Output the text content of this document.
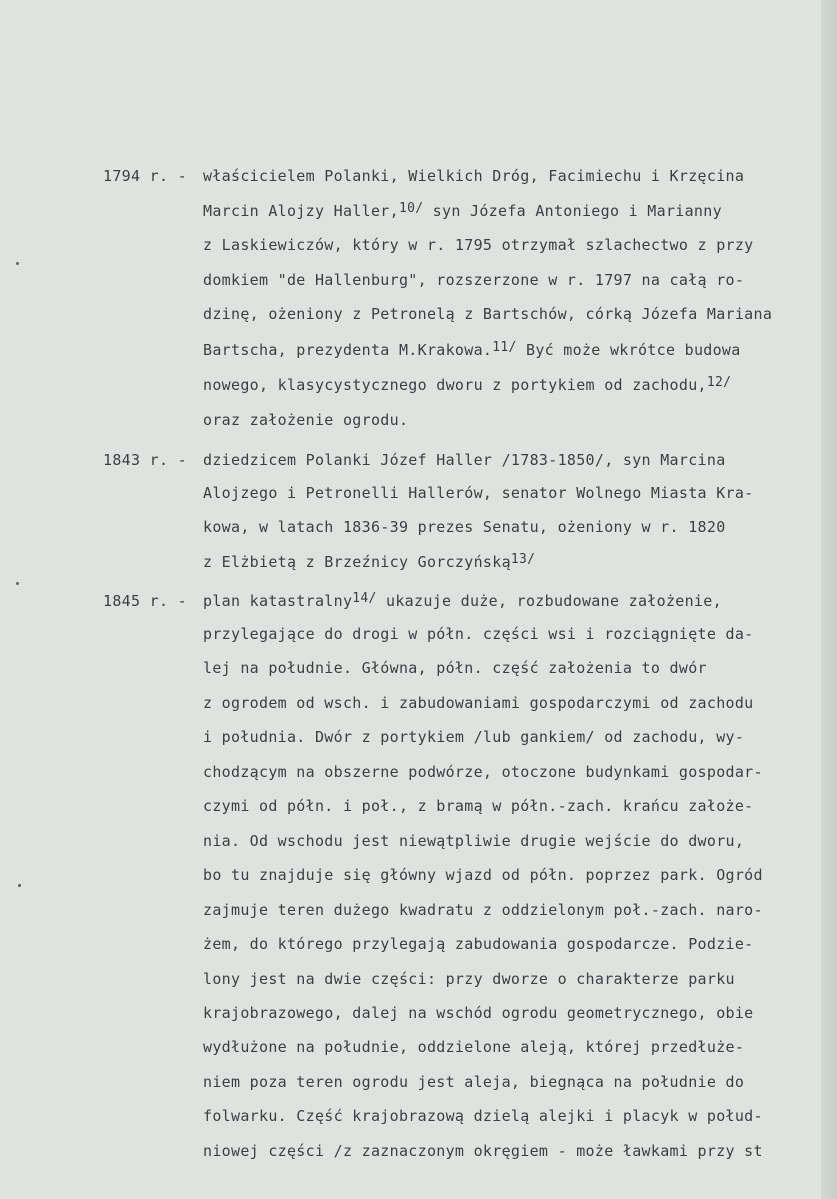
1794 r. - właścicielem Polanki, Wielkich Dróg, Facimiechu i Krzęcina
Marcin Alojzy Haller,$^{10/}$ syn Józefa Antoniego i Marianny
z Laskiewiczów, który w r. 1795 otrzymał szlachectwo z przy
domkiem "de Hallenburg", rozszerzone w r. 1797 na całą ro-
dzinę, ożeniony z Petronelą z Bartschów, córką Józefa Mariana
Bartscha, prezydenta M.Krakowa.$^{11/}$ Być może wkrótce budowa
nowego, klasycystycznego dworu z portykiem od zachodu,$^{12/}$
oraz założenie ogrodu.
1843 r. - dziedzicem Polanki Józef Haller /1783-1850/, syn Marcina
Alojzego i Petronelli Hallerów, senator Wolnego Miasta Kra-
kowa, w latach 1836-39 prezes Senatu, ożeniony w r. 1820
z Elżbietą z Brzeźnicy Gorczyńską$^{13/}$
1845 r. - plan katastralny$^{14/}$ ukazuje duże, rozbudowane założenie,
przylegające do drogi w półn. części wsi i rozciągnięte da-
lej na południe. Główna, półn. część założenia to dwór
z ogrodem od wsch. i zabudowaniami gospodarczymi od zachodu
i południa. Dwór z portykiem /lub gankiem/ od zachodu, wy-
chodzącym na obszerne podwórze, otoczone budynkami gospodar-
czymi od półn. i poł., z bramą w półn.-zach. krańcu założe-
nia. Od wschodu jest niewątpliwie drugie wejście do dworu,
bo tu znajduje się główny wjazd od półn. poprzez park. Ogród
zajmuje teren dużego kwadratu z oddzielonym poł.-zach. naro-
żem, do którego przylegają zabudowania gospodarcze. Podzie-
lony jest na dwie części: przy dworze o charakterze parku
krajobrazowego, dalej na wschód ogrodu geometrycznego, obie
wydłużone na południe, oddzielone aleją, której przedłuże-
niem poza teren ogrodu jest aleja, biegnąca na południe do
folwarku. Część krajobrazową dzielą alejki i placyk w połud-
niowej części /z zaznaczonym okręgiem - może ławkami przy st
